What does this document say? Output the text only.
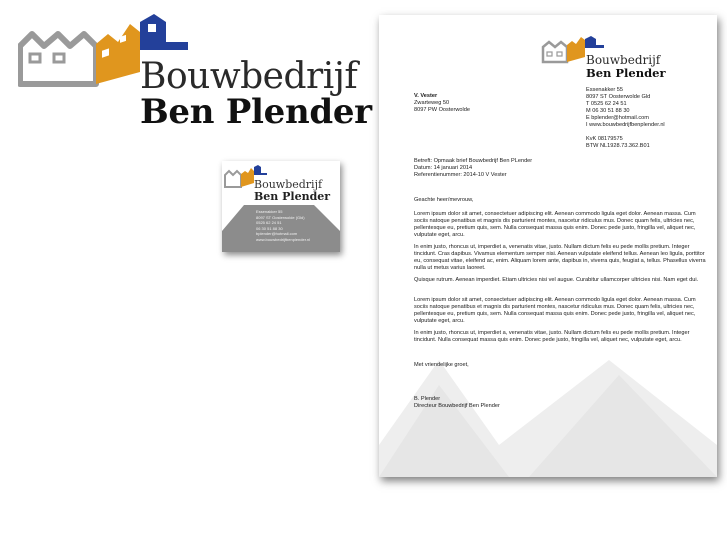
Bouwbedrijf
Ben Plender
Bouwbedrijf
Ben Plender
Essenakker 55
8097 ST Oosterwolde (Gld)
0525 62 24 51
06 30 51 88 30
bplender@hotmail.com
www.bouwbedrijfbenplender.nl
Bouwbedrijf
Ben Plender
V. Vester
Zwarteweg 50
8097 PW Oosterwolde
Essenakker 55
8097 ST Oosterwolde Gld
T 0525 62 24 51
M 06 30 51 88 30
E bplender@hotmail.com
I www.bouwbedrijfbenplender.nl
KvK 08179575
BTW NL1928.73.362.B01
Betreft: Opmaak brief Bouwbedrijf Ben PLender
Datum: 14 januari 2014
Referentienummer: 2014-10 V Vester
Geachte heer/mevrouw,
Lorem ipsum dolor sit amet, consectetuer adipiscing elit. Aenean commodo ligula eget dolor. Aenean massa. Cum sociis natoque penatibus et magnis dis parturient montes, nascetur ridiculus mus. Donec quam felis, ultricies nec, pellentesque eu, pretium quis, sem. Nulla consequat massa quis enim. Donec pede justo, fringilla vel, aliquet nec, vulputate eget, arcu.
In enim justo, rhoncus ut, imperdiet a, venenatis vitae, justo. Nullam dictum felis eu pede mollis pretium. Integer tincidunt. Cras dapibus. Vivamus elementum semper nisi. Aenean vulputate eleifend tellus. Aenean leo ligula, porttitor eu, consequat vitae, eleifend ac, enim. Aliquam lorem ante, dapibus in, viverra quis, feugiat a, tellus. Phasellus viverra nulla ut metus varius laoreet.
Quisque rutrum. Aenean imperdiet. Etiam ultricies nisi vel augue. Curabitur ullamcorper ultricies nisi. Nam eget dui.
Lorem ipsum dolor sit amet, consectetuer adipiscing elit. Aenean commodo ligula eget dolor. Aenean massa. Cum sociis natoque penatibus et magnis dis parturient montes, nascetur ridiculus mus. Donec quam felis, ultricies nec, pellentesque eu, pretium quis, sem. Nulla consequat massa quis enim. Donec pede justo, fringilla vel, aliquet nec, vulputate eget, arcu.
In enim justo, rhoncus ut, imperdiet a, venenatis vitae, justo. Nullam dictum felis eu pede mollis pretium. Integer tincidunt. Nulla consequat massa quis enim. Donec pede justo, fringilla vel, aliquet nec, vulputate eget, arcu.
Met vriendelijke groet,
B. Plender
Directeur Bouwbedrijf Ben Plender
